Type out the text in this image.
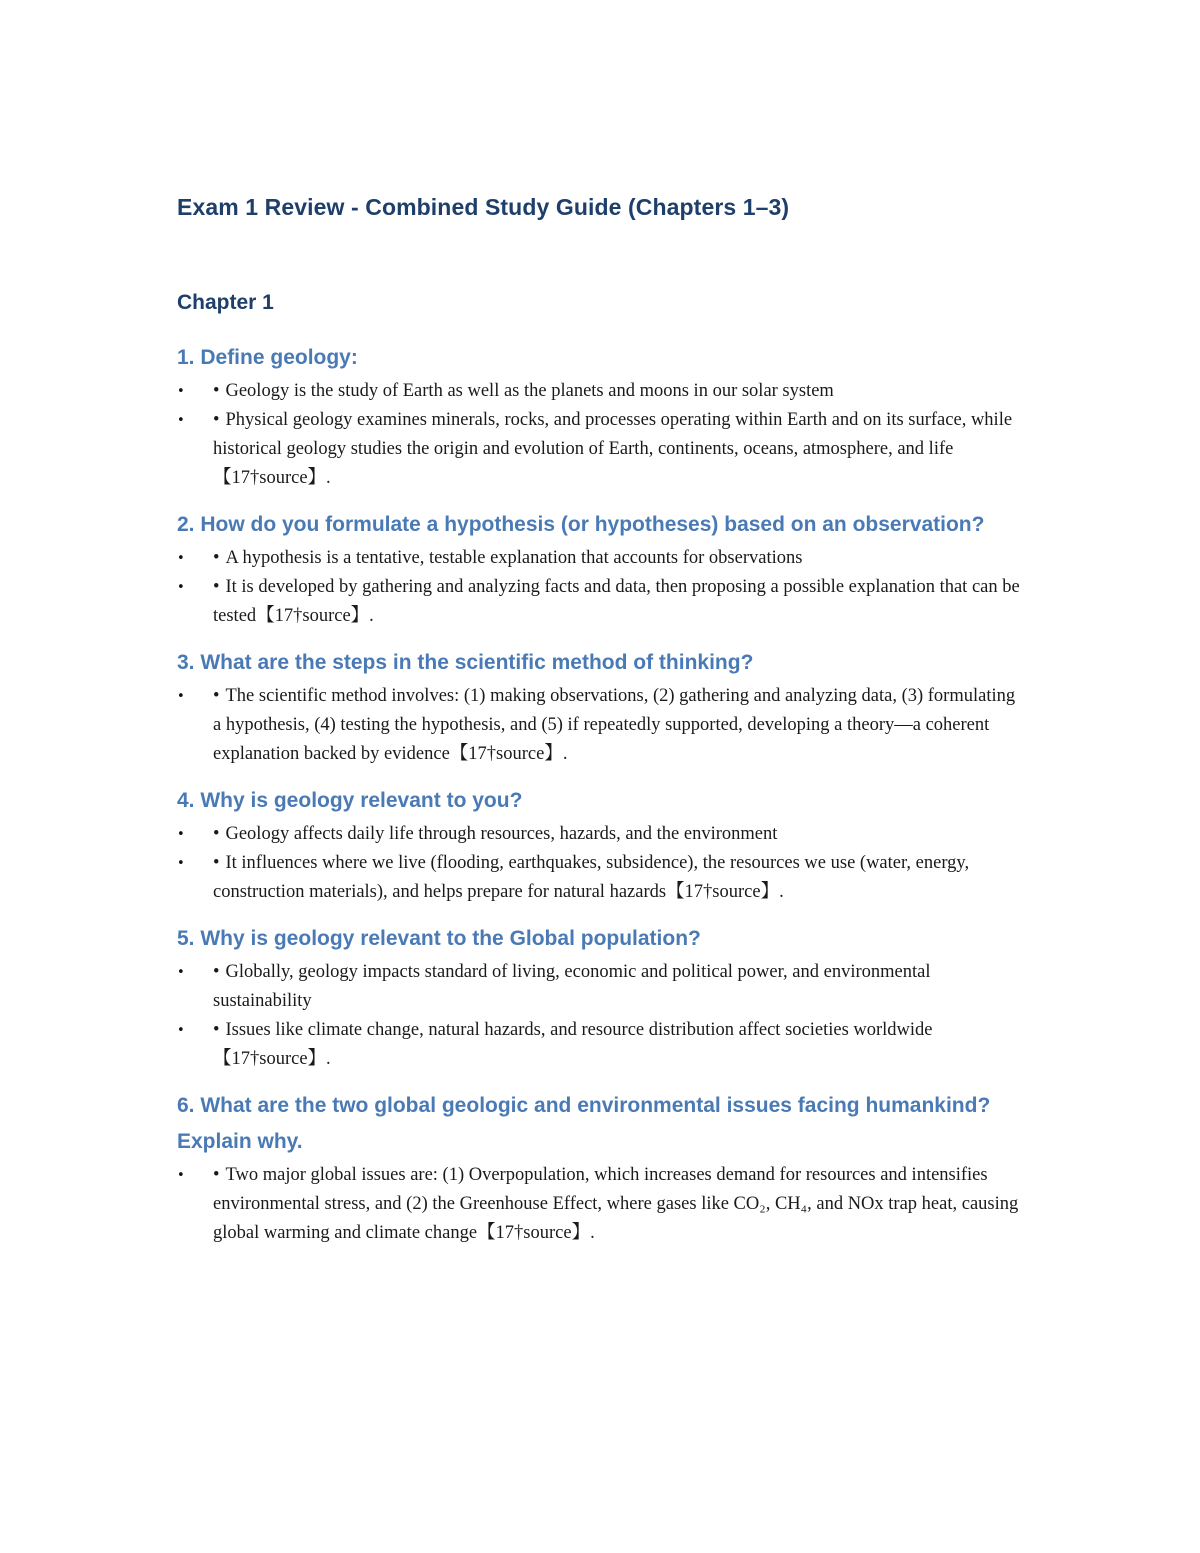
Exam 1 Review - Combined Study Guide (Chapters 1–3)
Chapter 1
1. Define geology:
• • Geology is the study of Earth as well as the planets and moons in our solar system
• • Physical geology examines minerals, rocks, and processes operating within Earth and on its surface, while historical geology studies the origin and evolution of Earth, continents, oceans, atmosphere, and life【17†source】.
2. How do you formulate a hypothesis (or hypotheses) based on an observation?
• • A hypothesis is a tentative, testable explanation that accounts for observations
• • It is developed by gathering and analyzing facts and data, then proposing a possible explanation that can be tested【17†source】.
3. What are the steps in the scientific method of thinking?
• • The scientific method involves: (1) making observations, (2) gathering and analyzing data, (3) formulating a hypothesis, (4) testing the hypothesis, and (5) if repeatedly supported, developing a theory—a coherent explanation backed by evidence【17†source】.
4. Why is geology relevant to you?
• • Geology affects daily life through resources, hazards, and the environment
• • It influences where we live (flooding, earthquakes, subsidence), the resources we use (water, energy, construction materials), and helps prepare for natural hazards【17†source】.
5. Why is geology relevant to the Global population?
• • Globally, geology impacts standard of living, economic and political power, and environmental sustainability
• • Issues like climate change, natural hazards, and resource distribution affect societies worldwide【17†source】.
6. What are the two global geologic and environmental issues facing humankind? Explain why.
• • Two major global issues are: (1) Overpopulation, which increases demand for resources and intensifies environmental stress, and (2) the Greenhouse Effect, where gases like CO₂, CH₄, and NOx trap heat, causing global warming and climate change【17†source】.
